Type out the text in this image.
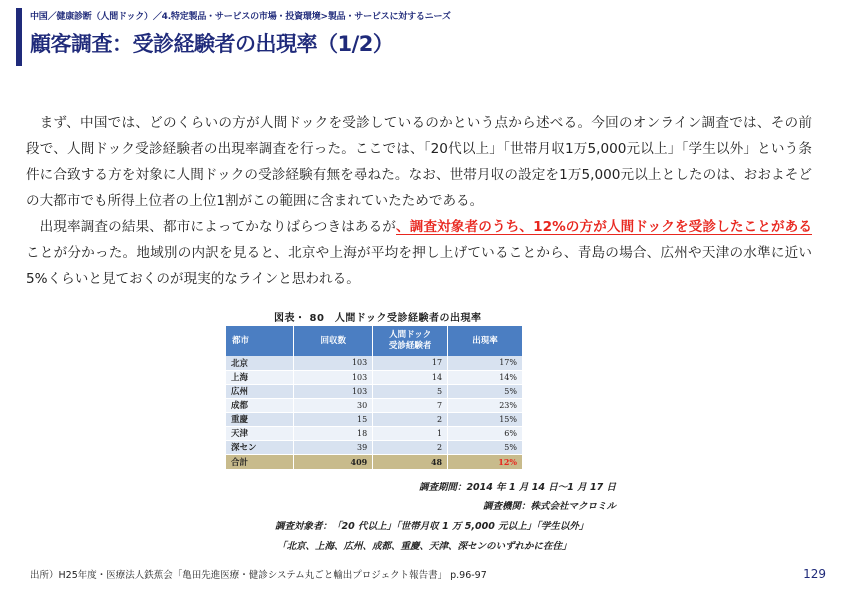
中国／健康診断（人間ドック）／4.特定製品・サービスの市場・投資環境>製品・サービスに対するニーズ
顧客調査：受診経験者の出現率（1/2）

まず、中国では、どのくらいの方が人間ドックを受診しているのかという点から述べる。今回のオンライン調査では、その前段で、人間ドック受診経験者の出現率調査を行った。ここでは、「20代以上」「世帯月収1万5,000元以上」「学生以外」という条件に合致する方を対象に人間ドックの受診経験有無を尋ねた。なお、世帯月収の設定を1万5,000元以上としたのは、おおよそどの大都市でも所得上位者の上位1割がこの範囲に含まれていたためである。

出現率調査の結果、都市によってかなりばらつきはあるが、調査対象者のうち、12%の方が人間ドックを受診したことがあることが分かった。地域別の内訳を見ると、北京や上海が平均を押し上げていることから、青島の場合、広州や天津の水準に近い5%くらいと見ておくのが現実的なラインと思われる。

図表・ 80　人間ドック受診経験者の出現率
都市	回収数	人間ドック
受診経験者	出現率
北京	103	17	17%
上海	103	14	14%
広州	103	5	5%
成都	30	7	23%
重慶	15	2	15%
天津	18	1	6%
深セン	39	2	5%
合計	409	48	12%
調査期間：2014 年 1 月 14 日〜1 月 17 日
調査機関：株式会社マクロミル
調査対象者：「20 代以上」「世帯月収 1 万 5,000 元以上」「学生以外」
「北京、上海、広州、成都、重慶、天津、深センのいずれかに在住」
出所）H25年度・医療法人鉄蕉会「亀田先進医療・健診システム丸ごと輸出プロジェクト報告書」 p.96-97	129
